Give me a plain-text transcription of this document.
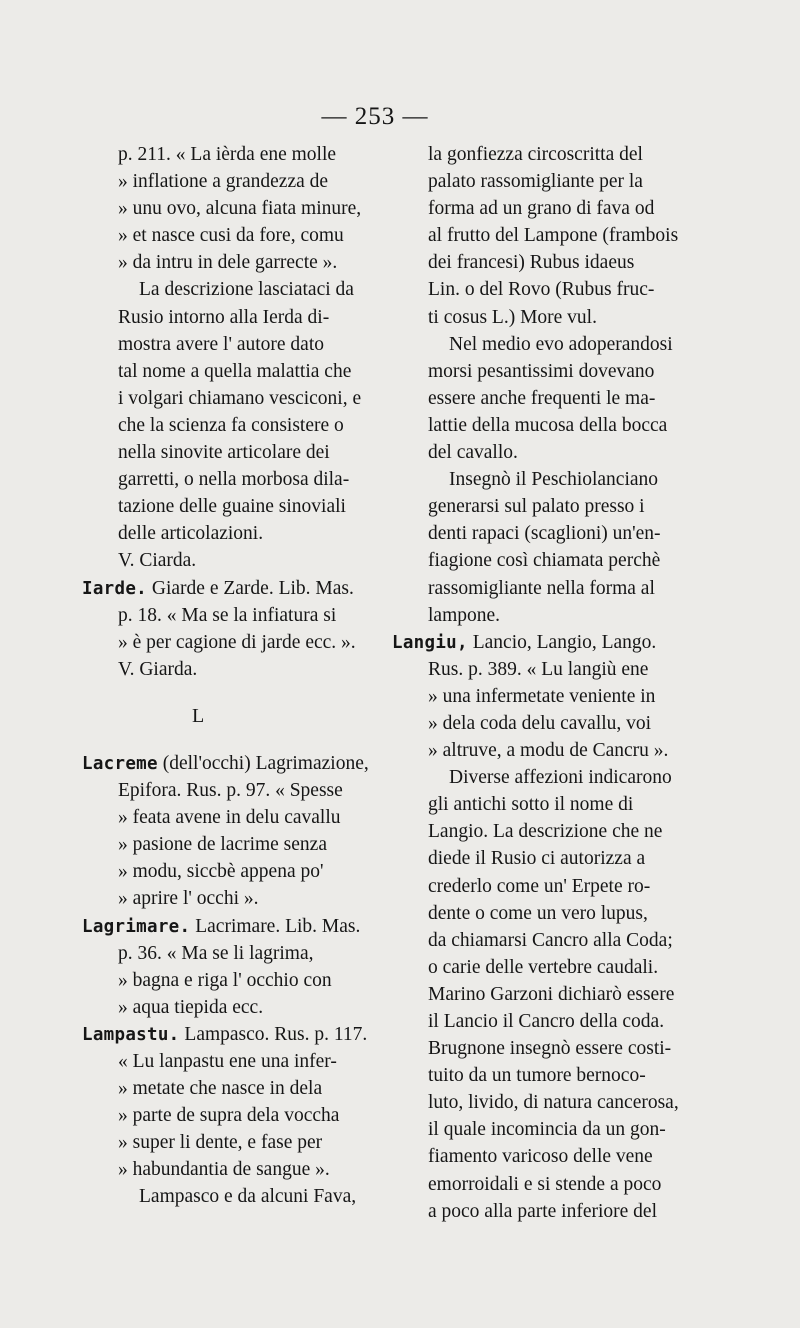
— 253 —
p. 211. « La ièrda ene molle
» inflatione a grandezza de
» unu ovo, alcuna fiata minure,
» et nasce cusi da fore, comu
» da intru in dele garrecte ».
La descrizione lasciataci da
Rusio intorno alla Ierda di-
mostra avere l' autore dato
tal nome a quella malattia che
i volgari chiamano vesciconi, e
che la scienza fa consistere o
nella sinovite articolare dei
garretti, o nella morbosa dila-
tazione delle guaine sinoviali
delle articolazioni.
V. Ciarda.
Iarde. Giarde e Zarde. Lib. Mas.
p. 18. « Ma se la infiatura si
» è per cagione di jarde ecc. ».
V. Giarda.
L
Lacreme (dell'occhi) Lagrimazione,
Epifora. Rus. p. 97. « Spesse
» feata avene in delu cavallu
» pasione de lacrime senza
» modu, siccbè appena po'
» aprire l' occhi ».
Lagrimare. Lacrimare. Lib. Mas.
p. 36. « Ma se li lagrima,
» bagna e riga l' occhio con
» aqua tiepida ecc.
Lampastu. Lampasco. Rus. p. 117.
« Lu lanpastu ene una infer-
» metate che nasce in dela
» parte de supra dela voccha
» super li dente, e fase per
» habundantia de sangue ».
Lampasco e da alcuni Fava,
la gonfiezza circoscritta del
palato rassomigliante per la
forma ad un grano di fava od
al frutto del Lampone (frambois
dei francesi) Rubus idaeus
Lin. o del Rovo (Rubus fruc-
ti cosus L.) More vul.
Nel medio evo adoperandosi
morsi pesantissimi dovevano
essere anche frequenti le ma-
lattie della mucosa della bocca
del cavallo.
Insegnò il Peschiolanciano
generarsi sul palato presso i
denti rapaci (scaglioni) un'en-
fiagione così chiamata perchè
rassomigliante nella forma al
lampone.
Langiu, Lancio, Langio, Lango.
Rus. p. 389. « Lu langiù ene
» una infermetate veniente in
» dela coda delu cavallu, voi
» altruve, a modu de Cancru ».
Diverse affezioni indicarono
gli antichi sotto il nome di
Langio. La descrizione che ne
diede il Rusio ci autorizza a
crederlo come un' Erpete ro-
dente o come un vero lupus,
da chiamarsi Cancro alla Coda;
o carie delle vertebre caudali.
Marino Garzoni dichiarò essere
il Lancio il Cancro della coda.
Brugnone insegnò essere costi-
tuito da un tumore bernoco-
luto, livido, di natura cancerosa,
il quale incomincia da un gon-
fiamento varicoso delle vene
emorroidali e si stende a poco
a poco alla parte inferiore del
